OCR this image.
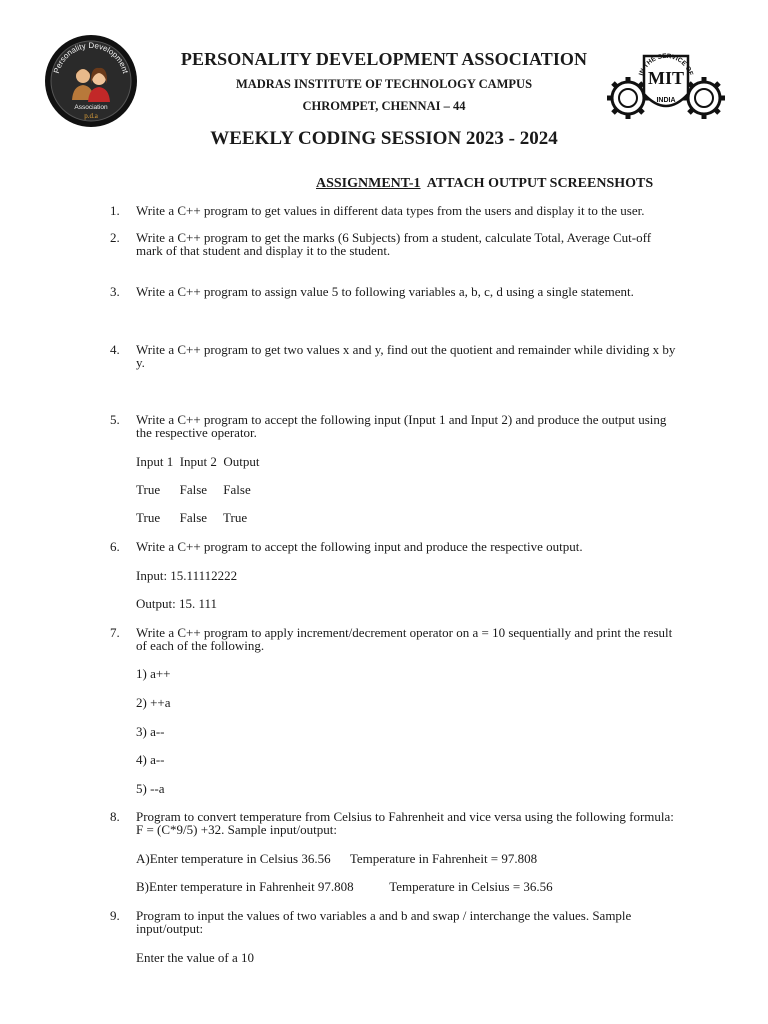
Personality Development
Association
p.d.a
PERSONALITY DEVELOPMENT ASSOCIATION
MADRAS INSTITUTE OF TECHNOLOGY CAMPUS
CHROMPET, CHENNAI – 44
MIT
INDIA
IN THE SERVICE OF
WEEKLY CODING SESSION 2023 - 2024
ASSIGNMENT-1 ATTACH OUTPUT SCREENSHOTS
1. Write a C++ program to get values in different data types from the users and display it to the user.
2. Write a C++ program to get the marks (6 Subjects) from a student, calculate Total, Average Cut-off
mark of that student and display it to the student.
3. Write a C++ program to assign value 5 to following variables a, b, c, d using a single statement.
4. Write a C++ program to get two values x and y, find out the quotient and remainder while dividing x by
y.
5. Write a C++ program to accept the following input (Input 1 and Input 2) and produce the output using
the respective operator.
Input 1  Input 2  Output
True      False     False
True      False     True
6. Write a C++ program to accept the following input and produce the respective output.
Input: 15.11112222
Output: 15. 111
7. Write a C++ program to apply increment/decrement operator on a = 10 sequentially and print the result
of each of the following.
1) a++
2) ++a
3) a--
4) a--
5) --a
8. Program to convert temperature from Celsius to Fahrenheit and vice versa using the following formula:
F = (C*9/5) +32. Sample input/output:
A)Enter temperature in Celsius 36.56      Temperature in Fahrenheit = 97.808
B)Enter temperature in Fahrenheit 97.808           Temperature in Celsius = 36.56
9. Program to input the values of two variables a and b and swap / interchange the values. Sample
input/output:
Enter the value of a 10
